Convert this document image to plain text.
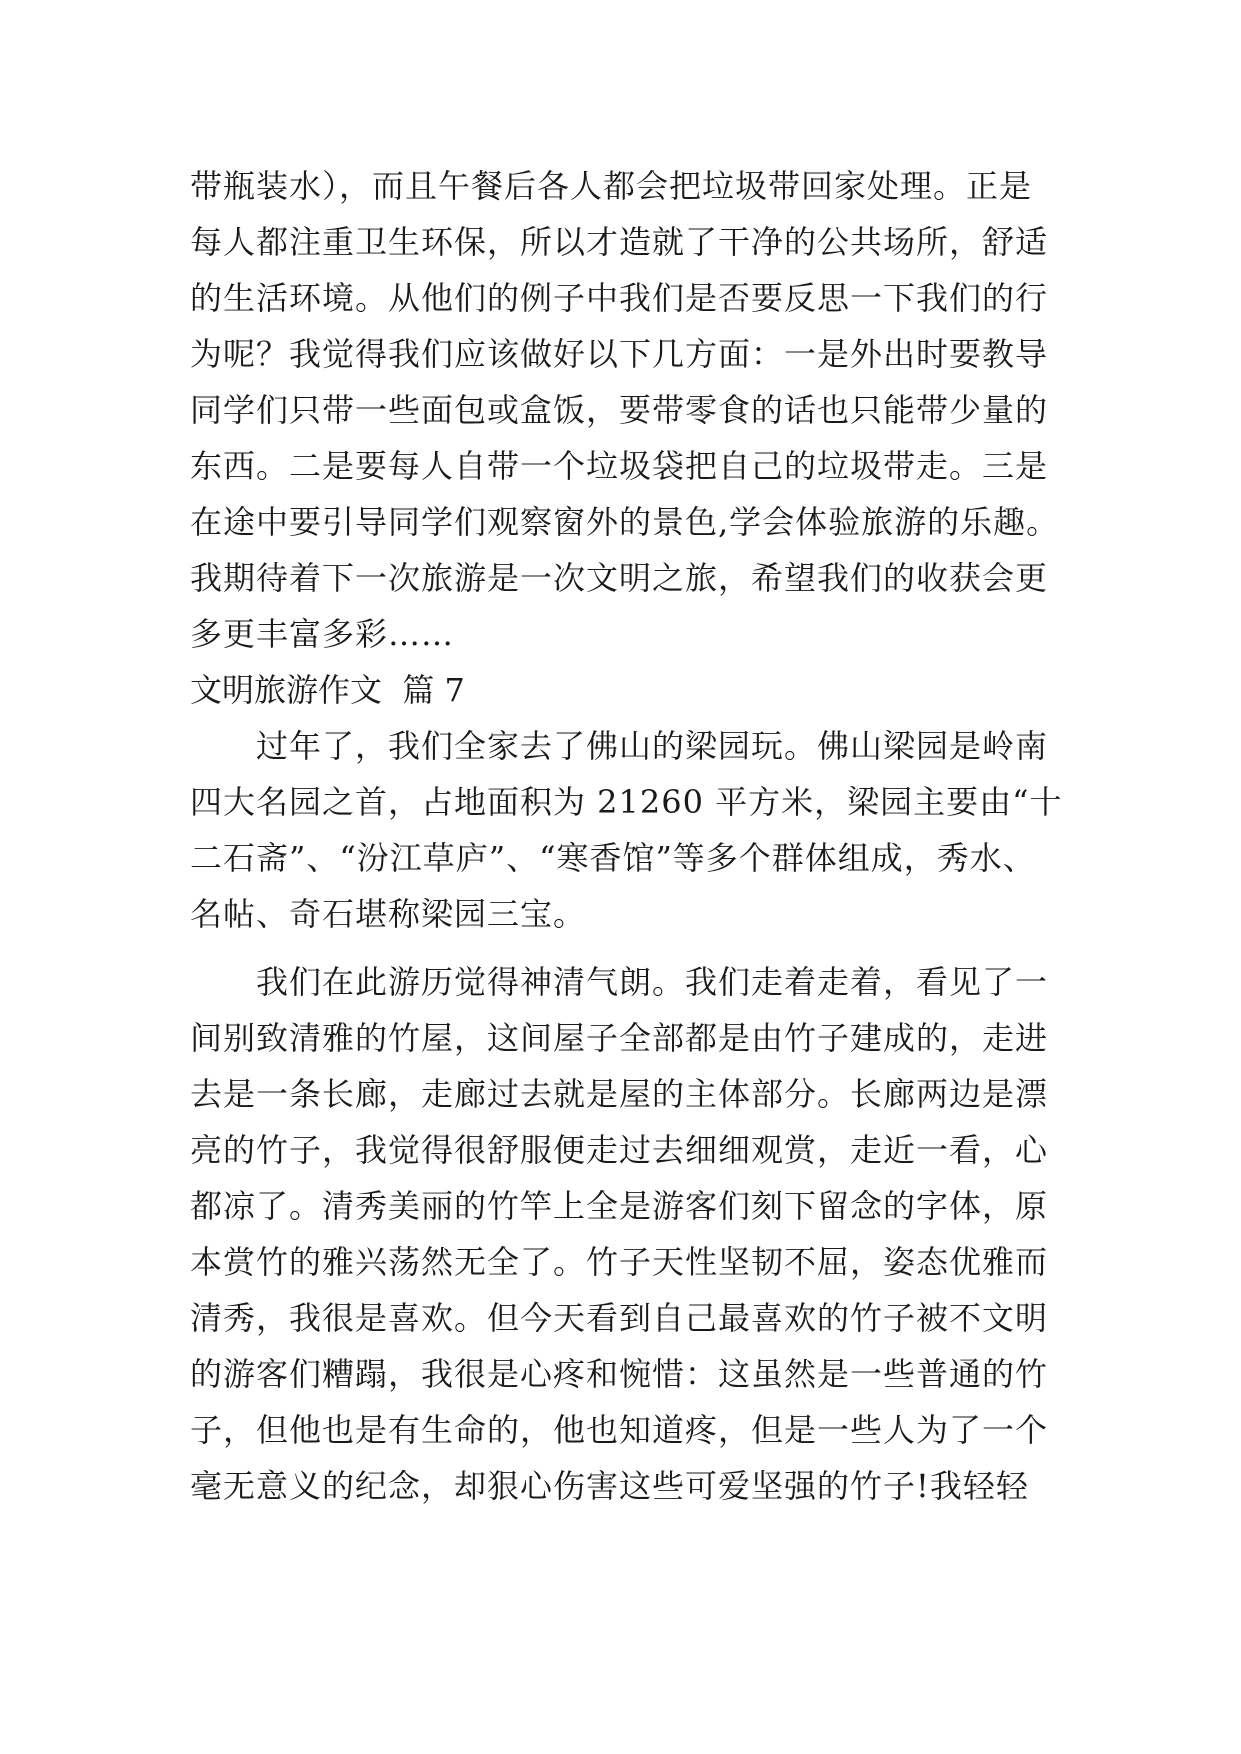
带瓶装水），而且午餐后各人都会把垃圾带回家处理。正是
每人都注重卫生环保，所以才造就了干净的公共场所，舒适
的生活环境。从他们的例子中我们是否要反思一下我们的行
为呢？我觉得我们应该做好以下几方面：一是外出时要教导
同学们只带一些面包或盒饭，要带零食的话也只能带少量的
东西。二是要每人自带一个垃圾袋把自己的垃圾带走。三是
在途中要引导同学们观察窗外的景色,学会体验旅游的乐趣。
我期待着下一次旅游是一次文明之旅，希望我们的收获会更
多更丰富多彩……
文明旅游作文  篇 7
过年了，我们全家去了佛山的梁园玩。佛山梁园是岭南
四大名园之首，占地面积为 21260 平方米，梁园主要由“十
二石斋”、“汾江草庐”、“寒香馆”等多个群体组成，秀水、
名帖、奇石堪称梁园三宝。
我们在此游历觉得神清气朗。我们走着走着，看见了一
间别致清雅的竹屋，这间屋子全部都是由竹子建成的，走进
去是一条长廊，走廊过去就是屋的主体部分。长廊两边是漂
亮的竹子，我觉得很舒服便走过去细细观赏，走近一看，心
都凉了。清秀美丽的竹竿上全是游客们刻下留念的字体，原
本赏竹的雅兴荡然无全了。竹子天性坚韧不屈，姿态优雅而
清秀，我很是喜欢。但今天看到自己最喜欢的竹子被不文明
的游客们糟蹋，我很是心疼和惋惜：这虽然是一些普通的竹
子，但他也是有生命的，他也知道疼，但是一些人为了一个
毫无意义的纪念，却狠心伤害这些可爱坚强的竹子!我轻轻
